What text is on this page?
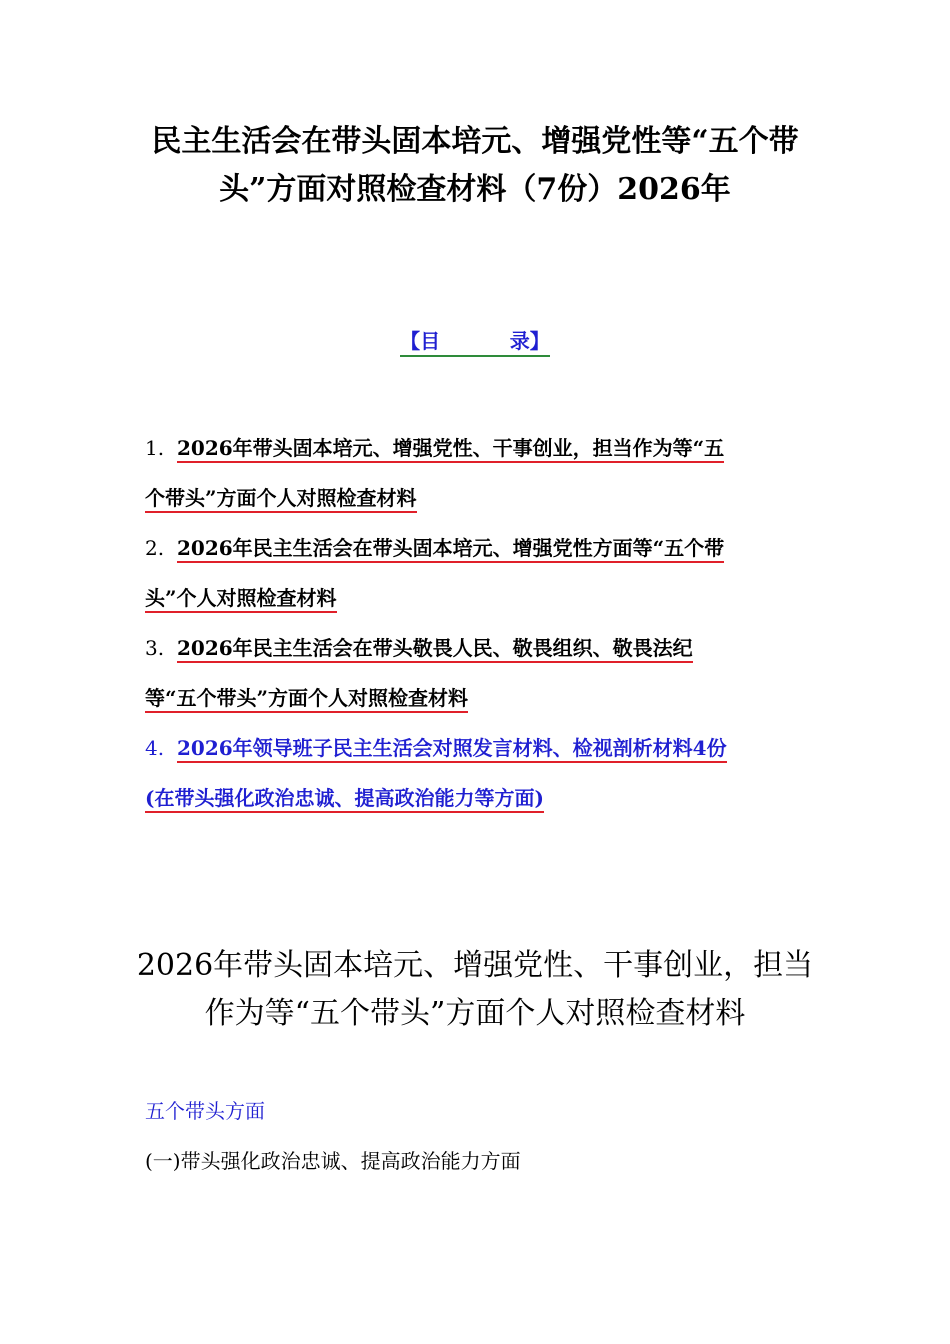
民主生活会在带头固本培元、增强党性等“五个带
头”方面对照检查材料（7份）2026年
【目          录】
1. 2026年带头固本培元、增强党性、干事创业，担当作为等“五
个带头”方面个人对照检查材料
2. 2026年民主生活会在带头固本培元、增强党性方面等“五个带
头”个人对照检查材料
3. 2026年民主生活会在带头敬畏人民、敬畏组织、敬畏法纪
等“五个带头”方面个人对照检查材料
4. 2026年领导班子民主生活会对照发言材料、检视剖析材料4份
(在带头强化政治忠诚、提高政治能力等方面)
2026年带头固本培元、增强党性、干事创业，担当
作为等“五个带头”方面个人对照检查材料
五个带头方面
(一)带头强化政治忠诚、提高政治能力方面
